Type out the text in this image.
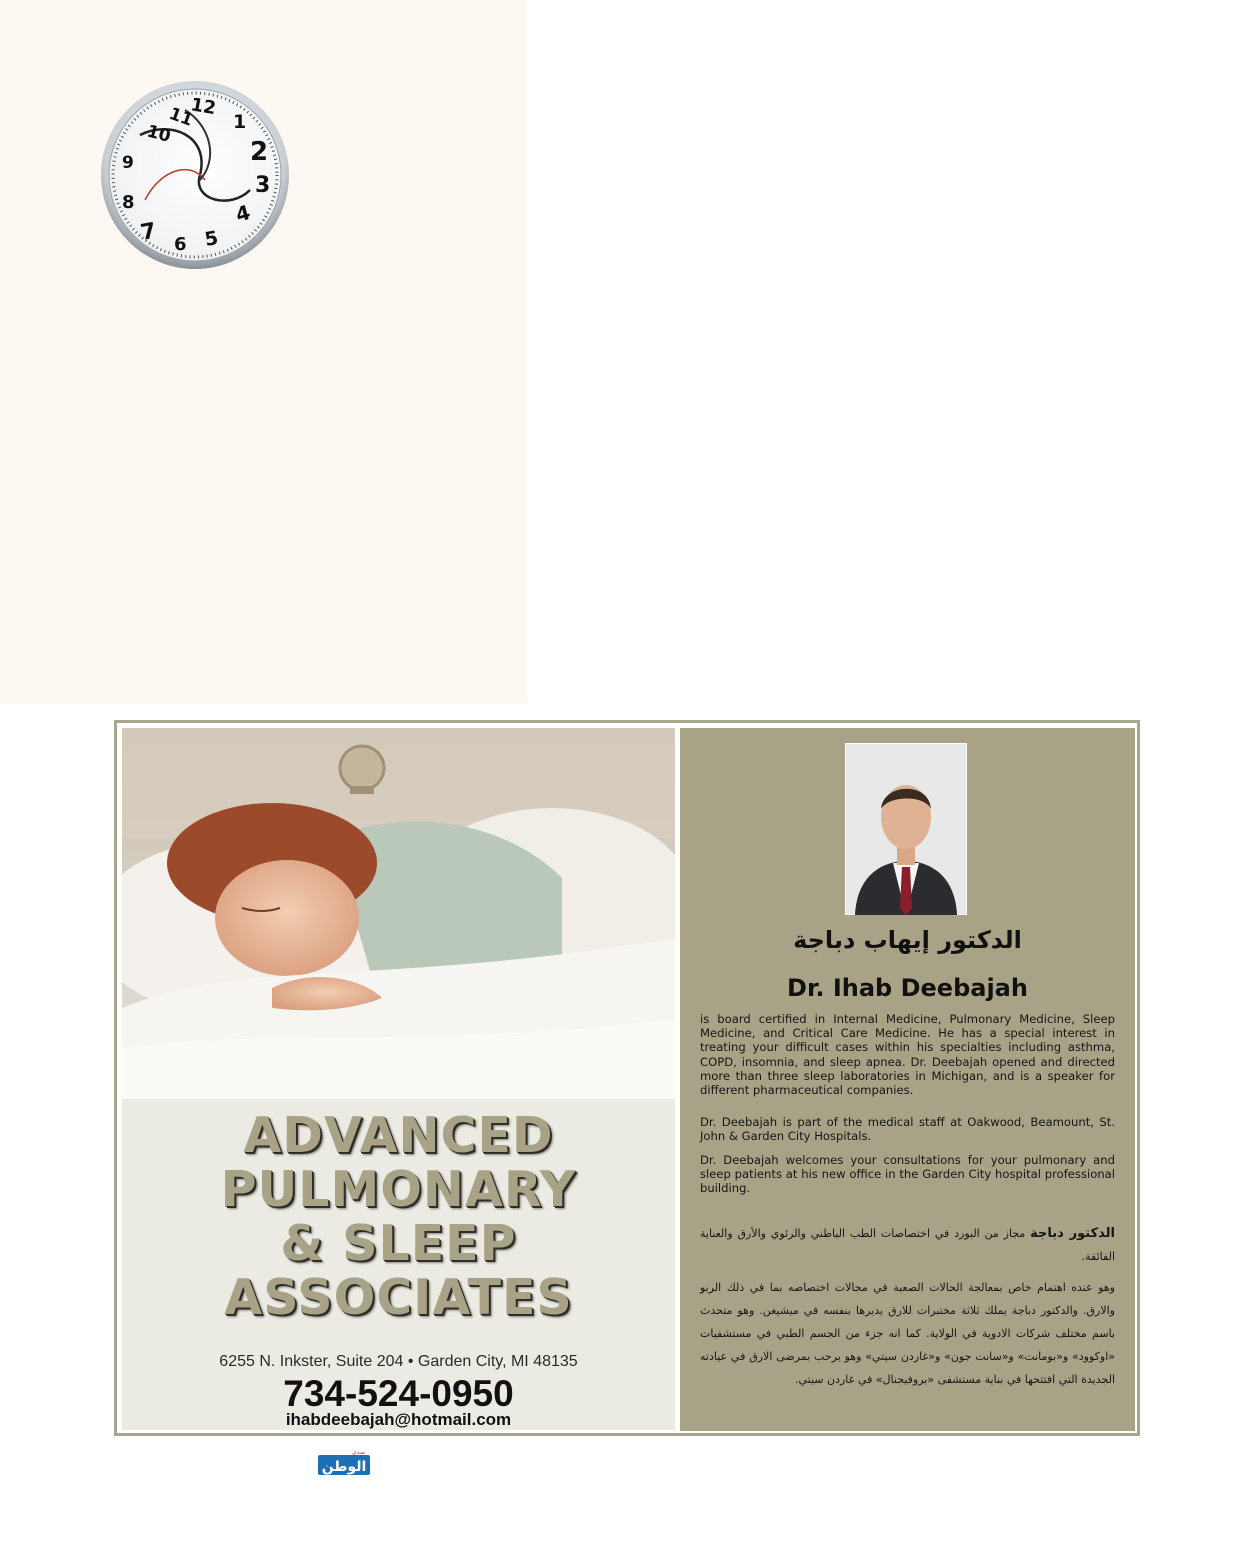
10
11
12
1
2
3
4
5
6
7
8
9
ADVANCED
PULMONARY
& SLEEP
ASSOCIATES
6255 N. Inkster, Suite 204 • Garden City, MI 48135
734-524-0950
ihabdeebajah@hotmail.com
الدكتور إيهاب دباجة
Dr. Ihab Deebajah
is board certified in Internal Medicine, Pulmonary Medicine, Sleep Medicine, and Critical Care Medicine. He has a special interest in treating your difficult cases within his specialties including asthma, COPD, insomnia, and sleep apnea. Dr. Deebajah opened and directed more than three sleep laboratories in Michigan, and is a speaker for different pharmaceutical companies.
Dr. Deebajah is part of the medical staff at Oakwood, Beamount, St. John & Garden City Hospitals.
Dr. Deebajah welcomes your consultations for your pulmonary and sleep patients at his new office in the Garden City hospital professional building.
الدكتور دباجة مجاز من البورد في اختصاصات الطب الباطني والرئوي والأرق والعناية الفائقة.
وهو عنده اهتمام خاص بمعالجة الحالات الصعبة في مجالات اختصاصه بما في ذلك الربو والارق. والدكتور دباجة يملك ثلاثة مختبرات للارق يديرها بنفسه في ميشيغن. وهو متحدث باسم مختلف شركات الادوية في الولاية. كما انه جزء من الجسم الطبي في مستشفيات «اوكوود» و«بومانت» و«سانت جون» و«غاردن سيتي» وهو يرحب بمرضى الارق في عيادته الجديدة التي افتتحها في بناية مستشفى «بروفيجنال» في غاردن سيتي.
صدى
الوطن
